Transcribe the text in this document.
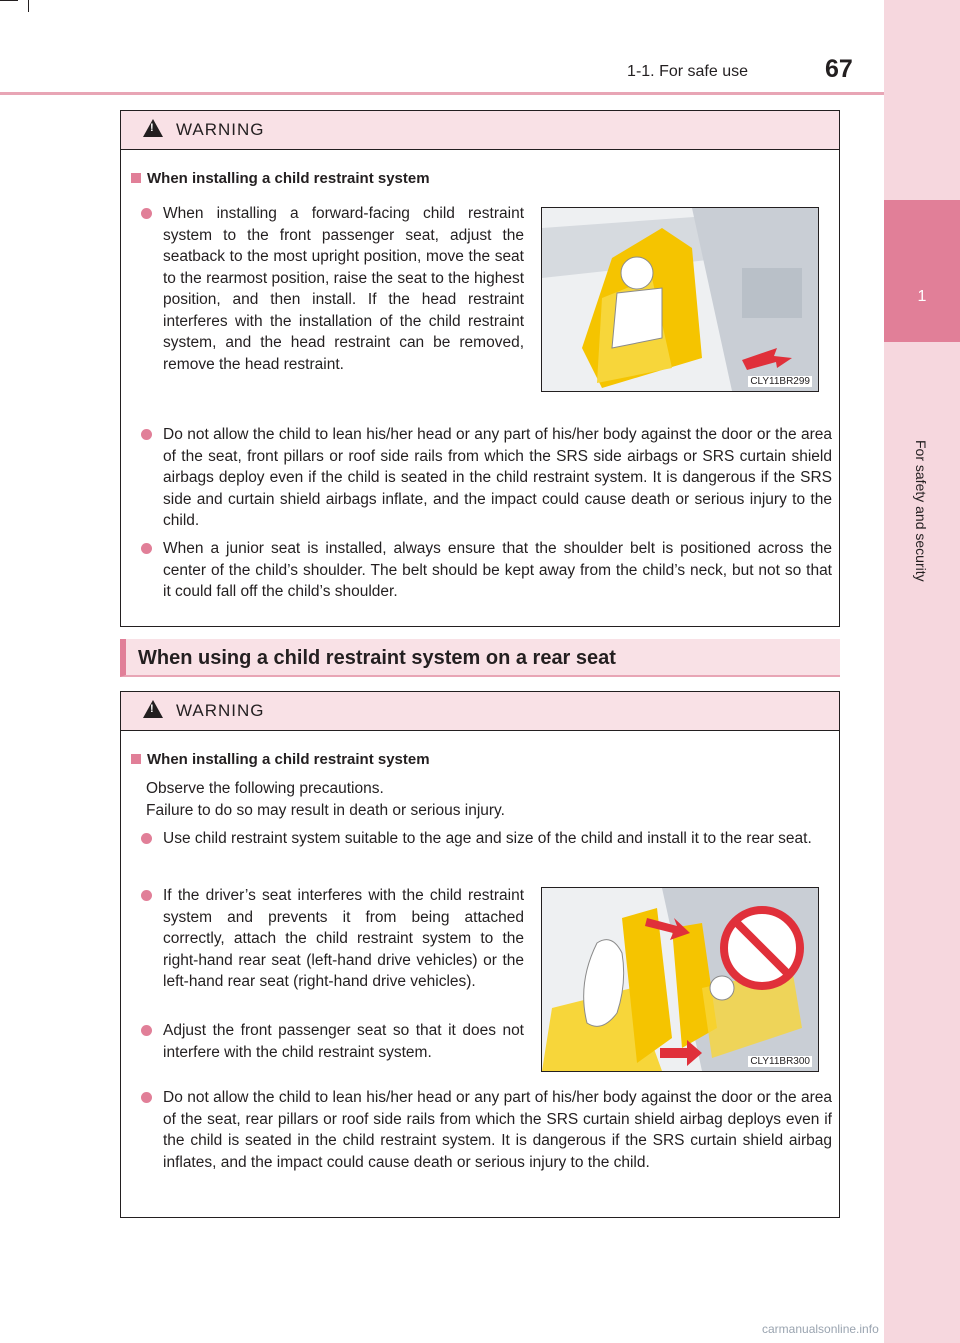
1-1. For safe use	67
1
For safety and security
!
WARNING
When installing a child restraint system
When installing a forward-facing child restraint system to the front passenger seat, adjust the seatback to the most upright position, move the seat to the rearmost position, raise the seat to the highest position, and then install. If the head restraint interferes with the installation of the child restraint system, and the head restraint can be removed, remove the head restraint.
CLY11BR299
Do not allow the child to lean his/her head or any part of his/her body against the door or the area of the seat, front pillars or roof side rails from which the SRS side airbags or SRS curtain shield airbags deploy even if the child is seated in the child restraint system. It is dangerous if the SRS side and curtain shield airbags inflate, and the impact could cause death or serious injury to the child.
When a junior seat is installed, always ensure that the shoulder belt is positioned across the center of the child’s shoulder. The belt should be kept away from the child’s neck, but not so that it could fall off the child’s shoulder.
When using a child restraint system on a rear seat
!
WARNING
When installing a child restraint system
Observe the following precautions.
Failure to do so may result in death or serious injury.
Use child restraint system suitable to the age and size of the child and install it to the rear seat.
If the driver’s seat interferes with the child restraint system and prevents it from being attached correctly, attach the child restraint system to the right-hand rear seat (left-hand drive vehicles) or the left-hand rear seat (right-hand drive vehicles).
Adjust the front passenger seat so that it does not interfere with the child restraint system.
CLY11BR300
Do not allow the child to lean his/her head or any part of his/her body against the door or the area of the seat, rear pillars or roof side rails from which the SRS curtain shield airbag deploys even if the child is seated in the child restraint system. It is dangerous if the SRS curtain shield airbag inflates, and the impact could cause death or serious injury to the child.
carmanualsonline.info
